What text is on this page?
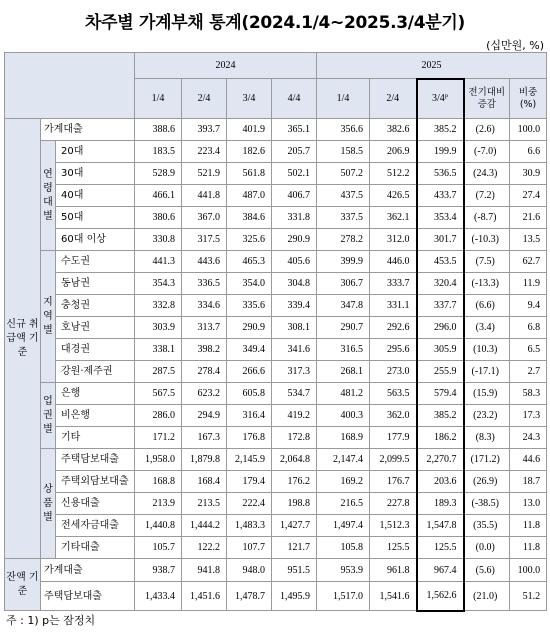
차주별 가계부채 통계(2024.1/4~2025.3/4분기)
(십만원, %)
			2024				2025				
			1/4	2/4	3/4	4/4	1/4	2/4	3/4ᴾ	전기대비 증감	비중 (%)
신규 취급액 기준	가계대출		388.6	393.7	401.9	365.1	356.6	382.6	385.2	(2.6)	100.0
	연령 대별	20대	183.5	223.4	182.6	205.7	158.5	206.9	199.9	(-7.0)	6.6
		30대	528.9	521.9	561.8	502.1	507.2	512.2	536.5	(24.3)	30.9
		40대	466.1	441.8	487.0	406.7	437.5	426.5	433.7	(7.2)	27.4
		50대	380.6	367.0	384.6	331.8	337.5	362.1	353.4	(-8.7)	21.6
		60대 이상	330.8	317.5	325.6	290.9	278.2	312.0	301.7	(-10.3)	13.5
	지역별	수도권	441.3	443.6	465.3	405.6	399.9	446.0	453.5	(7.5)	62.7
		동남권	354.3	336.5	354.0	304.8	306.7	333.7	320.4	(-13.3)	11.9
		충청권	332.8	334.6	335.6	339.4	347.8	331.1	337.7	(6.6)	9.4
		호남권	303.9	313.7	290.9	308.1	290.7	292.6	296.0	(3.4)	6.8
		대경권	338.1	398.2	349.4	341.6	316.5	295.6	305.9	(10.3)	6.5
		강원·제주권	287.5	278.4	266.6	317.3	268.1	273.0	255.9	(-17.1)	2.7
	업권별	은행	567.5	623.2	605.8	534.7	481.2	563.5	579.4	(15.9)	58.3
		비은행	286.0	294.9	316.4	419.2	400.3	362.0	385.2	(23.2)	17.3
		기타	171.2	167.3	176.8	172.8	168.9	177.9	186.2	(8.3)	24.3
	상품별	주택담보대출	1,958.0	1,879.8	2,145.9	2,064.8	2,147.4	2,099.5	2,270.7	(171.2)	44.6
		주택외담보대출	168.8	168.4	179.4	176.2	169.2	176.7	203.6	(26.9)	18.7
		신용대출	213.9	213.5	222.4	198.8	216.5	227.8	189.3	(-38.5)	13.0
		전세자금대출	1,440.8	1,444.2	1,483.3	1,427.7	1,497.4	1,512.3	1,547.8	(35.5)	11.8
		기타대출	105.7	122.2	107.7	121.7	105.8	125.5	125.5	(0.0)	11.8
잔액 기준	가계대출		938.7	941.8	948.0	951.5	953.9	961.8	967.4	(5.6)	100.0
	주택담보대출		1,433.4	1,451.6	1,478.7	1,495.9	1,517.0	1,541.6	1,562.6	(21.0)	51.2
주 : 1) p는 잠정치
